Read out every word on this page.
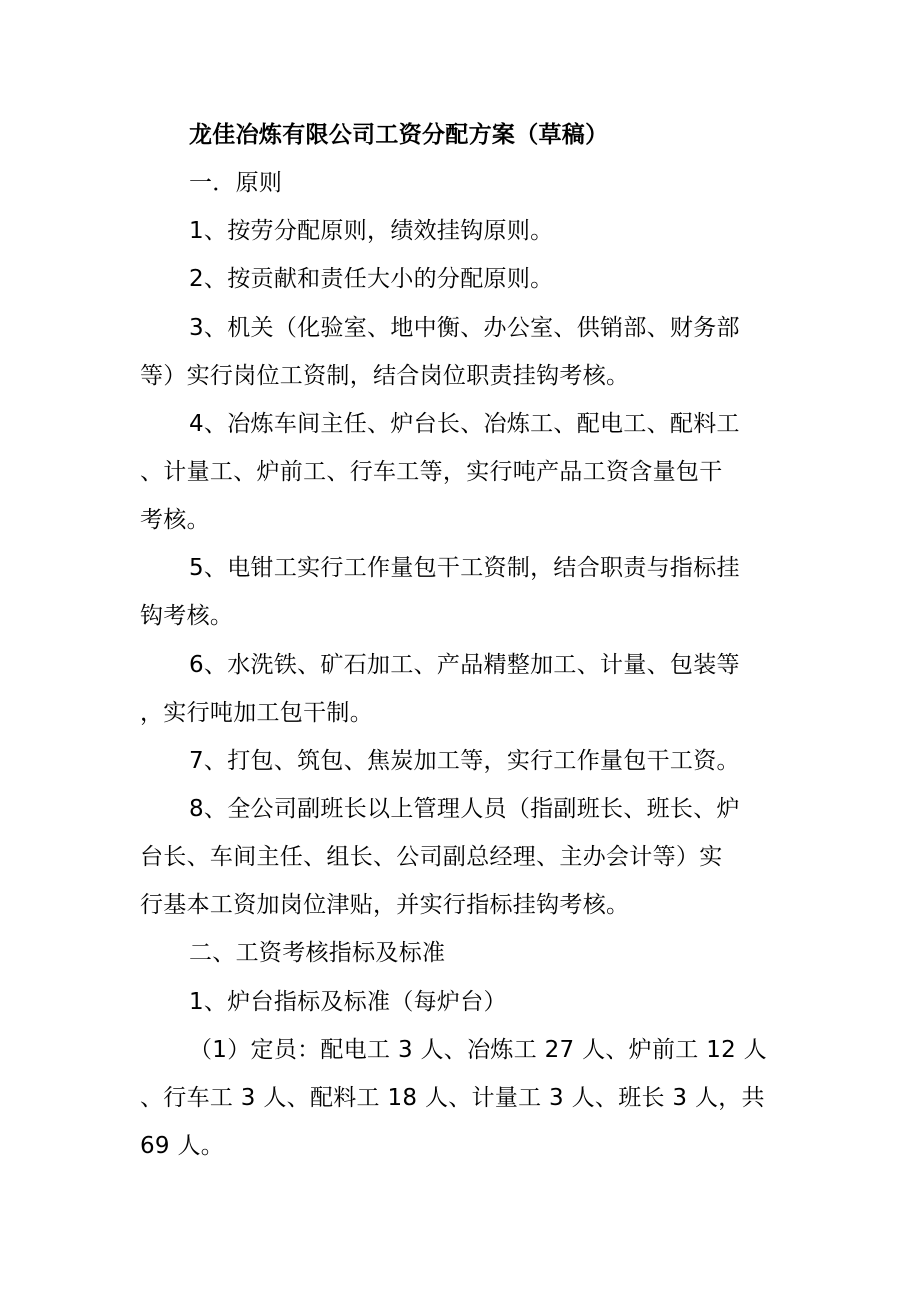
龙佳冶炼有限公司工资分配方案（草稿）
一．原则
1、按劳分配原则，绩效挂钩原则。
2、按贡献和责任大小的分配原则。
3、机关（化验室、地中衡、办公室、供销部、财务部
等）实行岗位工资制，结合岗位职责挂钩考核。
4、冶炼车间主任、炉台长、冶炼工、配电工、配料工
、计量工、炉前工、行车工等，实行吨产品工资含量包干
考核。
5、电钳工实行工作量包干工资制，结合职责与指标挂
钩考核。
6、水洗铁、矿石加工、产品精整加工、计量、包装等
，实行吨加工包干制。
7、打包、筑包、焦炭加工等，实行工作量包干工资。
8、全公司副班长以上管理人员（指副班长、班长、炉
台长、车间主任、组长、公司副总经理、主办会计等）实
行基本工资加岗位津贴，并实行指标挂钩考核。
二、工资考核指标及标准
1、炉台指标及标准（每炉台）
（1）定员：配电工 3 人、冶炼工 27 人、炉前工 12 人
、行车工 3 人、配料工 18 人、计量工 3 人、班长 3 人，共
69 人。
